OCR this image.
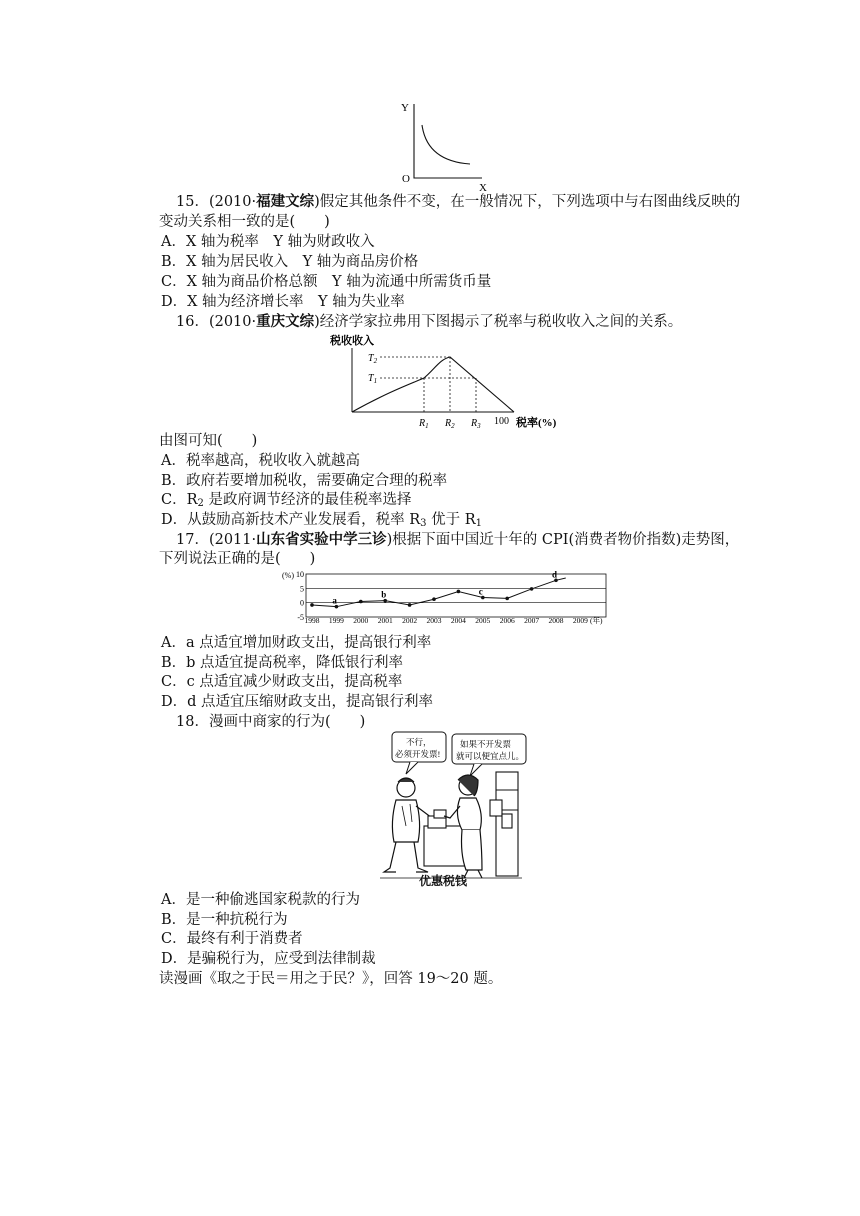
Y
O
X
15．(2010·福建文综)假定其他条件不变，在一般情况下，下列选项中与右图曲线反映的
变动关系相一致的是(　　)
A．X 轴为税率　Y 轴为财政收入
B．X 轴为居民收入　Y 轴为商品房价格
C．X 轴为商品价格总额　Y 轴为流通中所需货币量
D．X 轴为经济增长率　Y 轴为失业率
16．(2010·重庆文综)经济学家拉弗用下图揭示了税率与税收收入之间的关系。
税收收入
$T_2$
$T_1$
$R_1$ $R_2$ $R_3$ 100 税率(%)
由图可知(　　)
A．税率越高，税收收入就越高
B．政府若要增加税收，需要确定合理的税率
C．$R_2$ 是政府调节经济的最佳税率选择
D．从鼓励高新技术产业发展看，税率 $R_3$ 优于 $R_1$
17．(2011·山东省实验中学三诊)根据下面中国近十年的 CPI(消费者物价指数)走势图，
下列说法正确的是(　　)
(%) 10
5
0
-5 1998 1999 2000 2001 2002 2003 2004 2005 2006 2007 2008 2009
a
b	c
d
(年)
A．a 点适宜增加财政支出，提高银行利率
B．b 点适宜提高税率，降低银行利率
C．c 点适宜减少财政支出，提高税率
D．d 点适宜压缩财政支出，提高银行利率
18．漫画中商家的行为(　　)
不行，
必须开发票!
如果不开发票
就可以便宜点儿。
优惠税钱
A．是一种偷逃国家税款的行为
B．是一种抗税行为
C．最终有利于消费者
D．是骗税行为，应受到法律制裁
读漫画《取之于民＝用之于民？》，回答 19～20 题。
